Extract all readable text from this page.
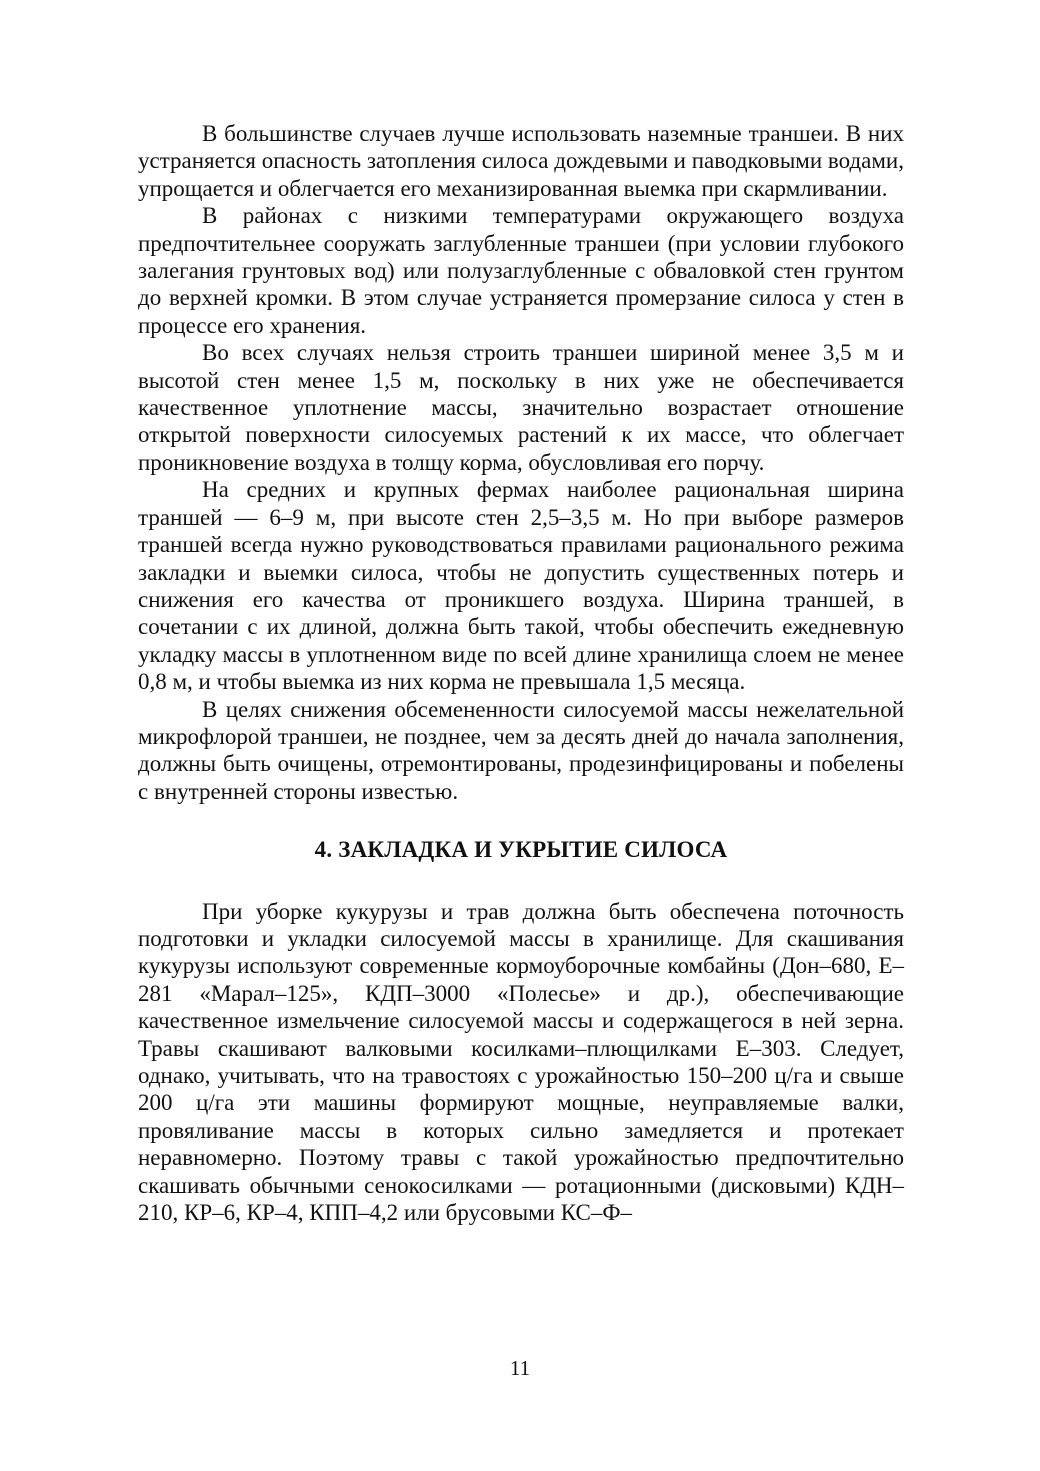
В большинстве случаев лучше использовать наземные траншеи. В них устраняется опасность затопления силоса дождевыми и паводковыми водами, упрощается и облегчается его механизированная выемка при скармливании.

В районах с низкими температурами окружающего воздуха предпочтительнее сооружать заглубленные траншеи (при условии глубокого залегания грунтовых вод) или полузаглубленные с обваловкой стен грунтом до верхней кромки. В этом случае устраняется промерзание силоса у стен в процессе его хранения.

Во всех случаях нельзя строить траншеи шириной менее 3,5 м и высотой стен менее 1,5 м, поскольку в них уже не обеспечивается качественное уплотнение массы, значительно возрастает отношение открытой поверхности силосуемых растений к их массе, что облегчает проникновение воздуха в толщу корма, обусловливая его порчу.

На средних и крупных фермах наиболее рациональная ширина траншей — 6–9 м, при высоте стен 2,5–3,5 м. Но при выборе размеров траншей всегда нужно руководствоваться правилами рационального режима закладки и выемки силоса, чтобы не допустить существенных потерь и снижения его качества от проникшего воздуха. Ширина траншей, в сочетании с их длиной, должна быть такой, чтобы обеспечить ежедневную укладку массы в уплотненном виде по всей длине хранилища слоем не менее 0,8 м, и чтобы выемка из них корма не превышала 1,5 месяца.

В целях снижения обсемененности силосуемой массы нежелательной микрофлорой траншеи, не позднее, чем за десять дней до начала заполнения, должны быть очищены, отремонтированы, продезинфицированы и побелены с внутренней стороны известью.

4. ЗАКЛАДКА И УКРЫТИЕ СИЛОСА

При уборке кукурузы и трав должна быть обеспечена поточность подготовки и укладки силосуемой массы в хранилище. Для скашивания кукурузы используют современные кормоуборочные комбайны (Дон–680, Е–281 «Марал–125», КДП–3000 «Полесье» и др.), обеспечивающие качественное измельчение силосуемой массы и содержащегося в ней зерна. Травы скашивают валковыми косилками–плющилками Е–303. Следует, однако, учитывать, что на травостоях с урожайностью 150–200 ц/га и свыше 200 ц/га эти машины формируют мощные, неуправляемые валки, провяливание массы в которых сильно замедляется и протекает неравномерно. Поэтому травы с такой урожайностью предпочтительно скашивать обычными сенокосилками — ротационными (дисковыми) КДН–210, КР–6, КР–4, КПП–4,2 или брусовыми КС–Ф–

11
